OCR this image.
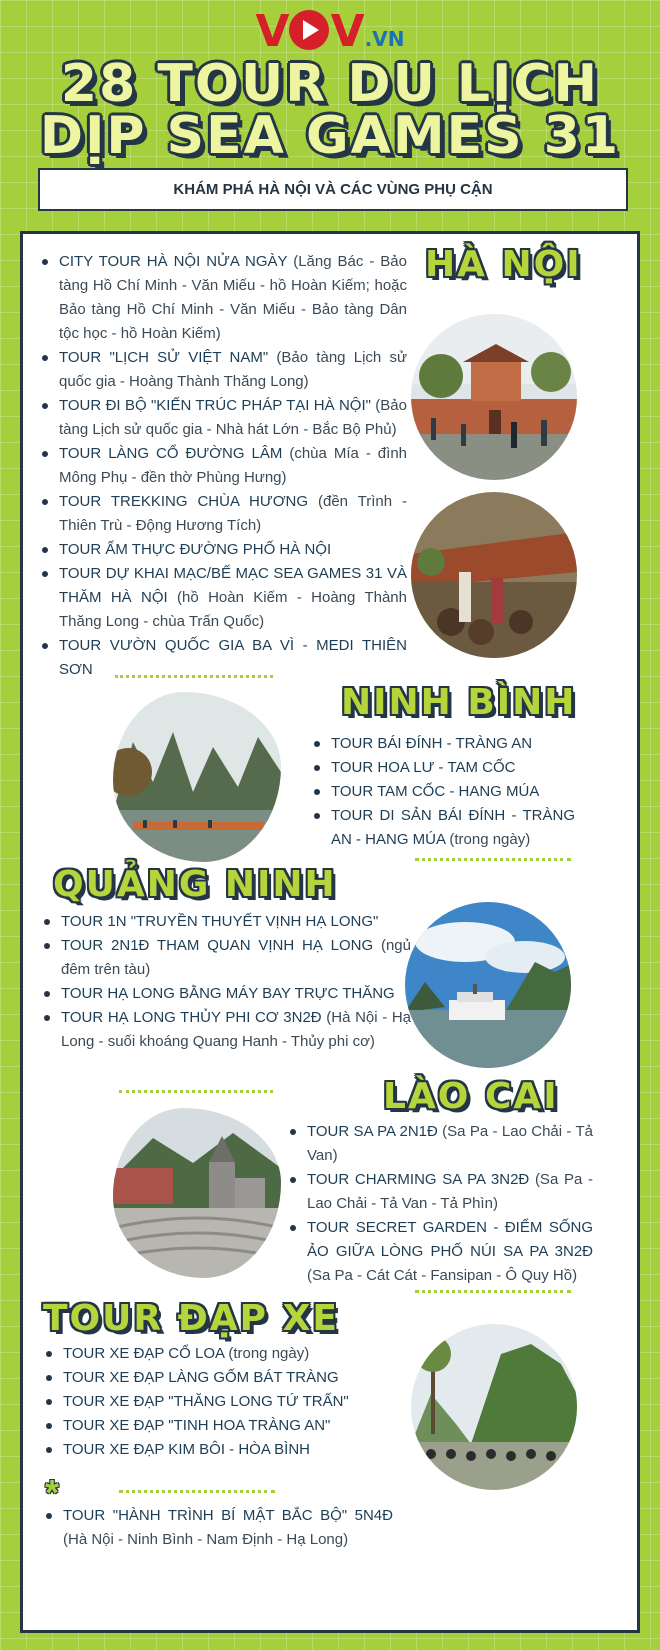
V V .VN
28 TOUR DU LỊCH
DỊP SEA GAMES 31
KHÁM PHÁ HÀ NỘI VÀ CÁC VÙNG PHỤ CẬN
HÀ NỘI
CITY TOUR HÀ NỘI NỬA NGÀY (Lăng Bác - Bảo tàng Hồ Chí Minh - Văn Miếu - hồ Hoàn Kiếm; hoặc Bảo tàng Hồ Chí Minh - Văn Miếu - Bảo tàng Dân tộc học - hồ Hoàn Kiếm)
TOUR "LỊCH SỬ VIỆT NAM" (Bảo tàng Lịch sử quốc gia - Hoàng Thành Thăng Long)
TOUR ĐI BỘ "KIẾN TRÚC PHÁP TẠI HÀ NỘI" (Bảo tàng Lịch sử quốc gia - Nhà hát Lớn - Bắc Bộ Phủ)
TOUR LÀNG CỔ ĐƯỜNG LÂM (chùa Mía - đình Mông Phụ - đền thờ Phùng Hưng)
TOUR TREKKING CHÙA HƯƠNG (đền Trình - Thiên Trù - Động Hương Tích)
TOUR ẨM THỰC ĐƯỜNG PHỐ HÀ NỘI
TOUR DỰ KHAI MẠC/BẾ MẠC SEA GAMES 31 VÀ THĂM HÀ NỘI (hồ Hoàn Kiếm - Hoàng Thành Thăng Long - chùa Trấn Quốc)
TOUR VƯỜN QUỐC GIA BA VÌ - MEDI THIÊN SƠN
NINH BÌNH
TOUR BÁI ĐÍNH - TRÀNG AN
TOUR HOA LƯ - TAM CỐC
TOUR TAM CỐC - HANG MÚA
TOUR DI SẢN BÁI ĐÍNH - TRÀNG AN - HANG MÚA (trong ngày)
QUẢNG NINH
TOUR 1N "TRUYỀN THUYẾT VỊNH HẠ LONG"
TOUR 2N1Đ THAM QUAN VỊNH HẠ LONG (ngủ đêm trên tàu)
TOUR HẠ LONG BẰNG MÁY BAY TRỰC THĂNG
TOUR HẠ LONG THỦY PHI CƠ 3N2Đ (Hà Nội - Hạ Long - suối khoáng Quang Hanh - Thủy phi cơ)
LÀO CAI
TOUR SA PA 2N1Đ (Sa Pa - Lao Chải - Tả Van)
TOUR CHARMING SA PA 3N2Đ (Sa Pa - Lao Chải - Tả Van - Tả Phìn)
TOUR SECRET GARDEN - ĐIỂM SỐNG ẢO GIỮA LÒNG PHỐ NÚI SA PA 3N2Đ (Sa Pa - Cát Cát - Fansipan - Ô Quy Hồ)
TOUR ĐẠP XE
TOUR XE ĐẠP CỔ LOA (trong ngày)
TOUR XE ĐẠP LÀNG GỐM BÁT TRÀNG
TOUR XE ĐẠP "THĂNG LONG TỨ TRẤN"
TOUR XE ĐẠP "TINH HOA TRÀNG AN"
TOUR XE ĐẠP KIM BÔI - HÒA BÌNH
*
TOUR "HÀNH TRÌNH BÍ MẬT BẮC BỘ" 5N4Đ (Hà Nội - Ninh Bình - Nam Định - Hạ Long)
